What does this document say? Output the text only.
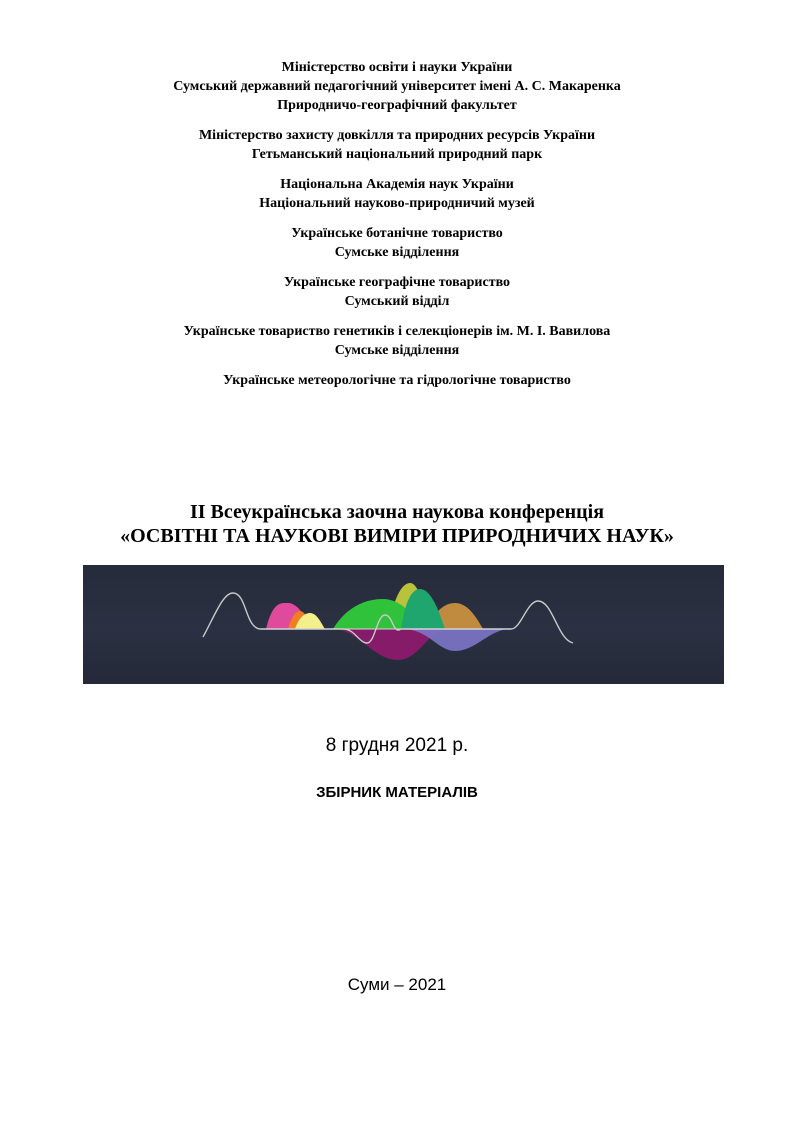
Міністерство освіти і науки України
Сумський державний педагогічний університет імені А. С. Макаренка
Природничо-географічний факультет
Міністерство захисту довкілля та природних ресурсів України
Гетьманський національний природний парк
Національна Академія наук України
Національний науково-природничий музей
Українське ботанічне товариство
Сумське відділення
Українське географічне товариство
Сумський відділ
Українське товариство генетиків і селекціонерів ім. М. І. Вавилова
Сумське відділення
Українське метеорологічне та гідрологічне товариство
ІІ Всеукраїнська заочна наукова конференція
«ОСВІТНІ ТА НАУКОВІ ВИМІРИ ПРИРОДНИЧИХ НАУК»
8 грудня 2021 р.
ЗБІРНИК МАТЕРІАЛІВ
Суми – 2021
